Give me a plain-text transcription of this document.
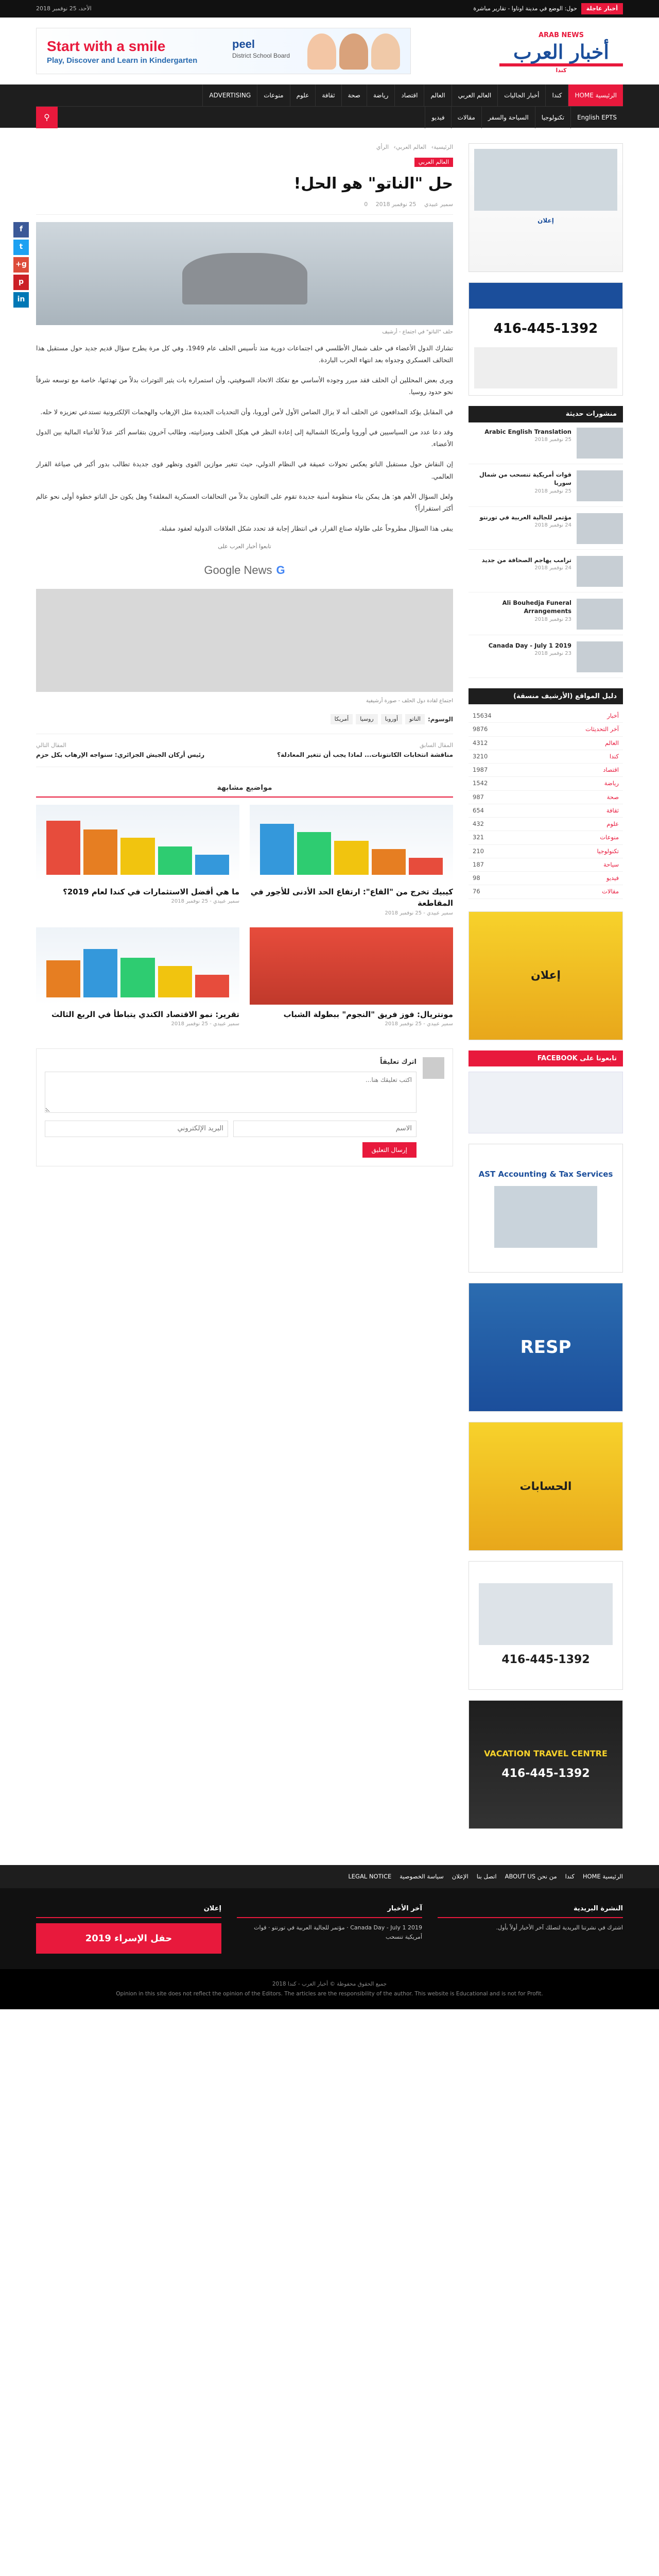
أخبار عاجلة
حول: الوضع في مدينة اوتاوا - تقارير مباشرة
الأحد، 25 نوفمبر 2018
ARAB NEWS
أخبار العرب
كندا
Start with a smile
Play, Discover and Learn in Kindergarten
peel
District School Board
الرئيسية HOME
كندا
أخبار الجاليات
العالم العربي
العالم
اقتصاد
رياضة
صحة
ثقافة
علوم
منوعات
ADVERTISING
English EPTS
تكنولوجيا
السياحة والسفر
مقالات
فيديو
⚲
إعلان
416-445-1392
منشورات حديثة
Arabic English Translation
25 نوفمبر 2018
قوات أمريكية تنسحب من شمال سوريا
25 نوفمبر 2018
مؤتمر للجالية العربية في تورنتو
24 نوفمبر 2018
ترامب يهاجم الصحافة من جديد
24 نوفمبر 2018
Ali Bouhedja Funeral Arrangements
23 نوفمبر 2018
Canada Day - July 1 2019
23 نوفمبر 2018
دليل المواقع (الأرشيف منسقة)
أخبار
15634
آخر التحديثات
9876
العالم
4312
كندا
3210
اقتصاد
1987
رياضة
1542
صحة
987
ثقافة
654
علوم
432
منوعات
321
تكنولوجيا
210
سياحة
187
فيديو
98
مقالات
76
إعلان
تابعونا على FACEBOOK
AST Accounting & Tax Services
RESP
الحسابات
416-445-1392
VACATION TRAVEL CENTRE
416-445-1392
الرئيسية› العالم العربي› الرأي
العالم العربي
حل "الناتو" هو الحل!
سمير عبيدي 25 نوفمبر 2018 0
f
t
g+
p
in
حلف "الناتو" في اجتماع - أرشيف

تشارك الدول الأعضاء في حلف شمال الأطلسي في اجتماعات دورية منذ تأسيس الحلف عام 1949، وفي كل مرة يطرح سؤال قديم جديد حول مستقبل هذا التحالف العسكري وجدواه بعد انتهاء الحرب الباردة.

ويرى بعض المحللين أن الحلف فقد مبرر وجوده الأساسي مع تفكك الاتحاد السوفيتي، وأن استمراره بات يثير التوترات بدلاً من تهدئتها، خاصة مع توسعه شرقاً نحو حدود روسيا.

في المقابل يؤكد المدافعون عن الحلف أنه لا يزال الضامن الأول لأمن أوروبا، وأن التحديات الجديدة مثل الإرهاب والهجمات الإلكترونية تستدعي تعزيزه لا حله.

وقد دعا عدد من السياسيين في أوروبا وأمريكا الشمالية إلى إعادة النظر في هيكل الحلف وميزانيته، وطالب آخرون بتقاسم أكثر عدلاً للأعباء المالية بين الدول الأعضاء.

إن النقاش حول مستقبل الناتو يعكس تحولات عميقة في النظام الدولي، حيث تتغير موازين القوى وتظهر قوى جديدة تطالب بدور أكبر في صياغة القرار العالمي.

ولعل السؤال الأهم هو: هل يمكن بناء منظومة أمنية جديدة تقوم على التعاون بدلاً من التحالفات العسكرية المغلقة؟ وهل يكون حل الناتو خطوة أولى نحو عالم أكثر استقراراً؟

يبقى هذا السؤال مطروحاً على طاولة صناع القرار، في انتظار إجابة قد تحدد شكل العلاقات الدولية لعقود مقبلة.

تابعوا أخبار العرب على
G
Google News
اجتماع لقادة دول الحلف - صورة أرشيفية
الوسوم:
الناتو
أوروبا
روسيا
أمريكا
المقال السابق
مناقشة انتخابات الكانتونات... لماذا يجب أن تتغير المعادلة؟
المقال التالي
رئيس أركان الجيش الجزائري: سنواجه الإرهاب بكل حزم
مواضيع مشابهة
كيبيك تخرج من "القاع": ارتفاع الحد الأدنى للأجور في المقاطعة
سمير عبيدي - 25 نوفمبر 2018
ما هي أفضل الاستثمارات في كندا لعام 2019؟
سمير عبيدي - 25 نوفمبر 2018
مونتريال: فوز فريق "النجوم" ببطولة الشباب
سمير عبيدي - 25 نوفمبر 2018
تقرير: نمو الاقتصاد الكندي يتباطأ في الربع الثالث
سمير عبيدي - 25 نوفمبر 2018
اترك تعليقاً
اكتب تعليقك هنا...
الاسم
البريد الإلكتروني
إرسال التعليق
الرئيسية HOME
كندا
من نحن ABOUT US
اتصل بنا
الإعلان
سياسة الخصوصية
LEGAL NOTICE
النشرة البريدية

اشترك في نشرتنا البريدية لتصلك آخر الأخبار أولاً بأول.

آخر الأخبار

Canada Day - July 1 2019 · مؤتمر للجالية العربية في تورنتو · قوات أمريكية تنسحب

إعلان
حفل الإسراء 2019
جميع الحقوق محفوظة © أخبار العرب - كندا 2018
Opinion in this site does not reflect the opinion of the Editors. The articles are the responsibility of the author. This website is Educational and is not for Profit.
